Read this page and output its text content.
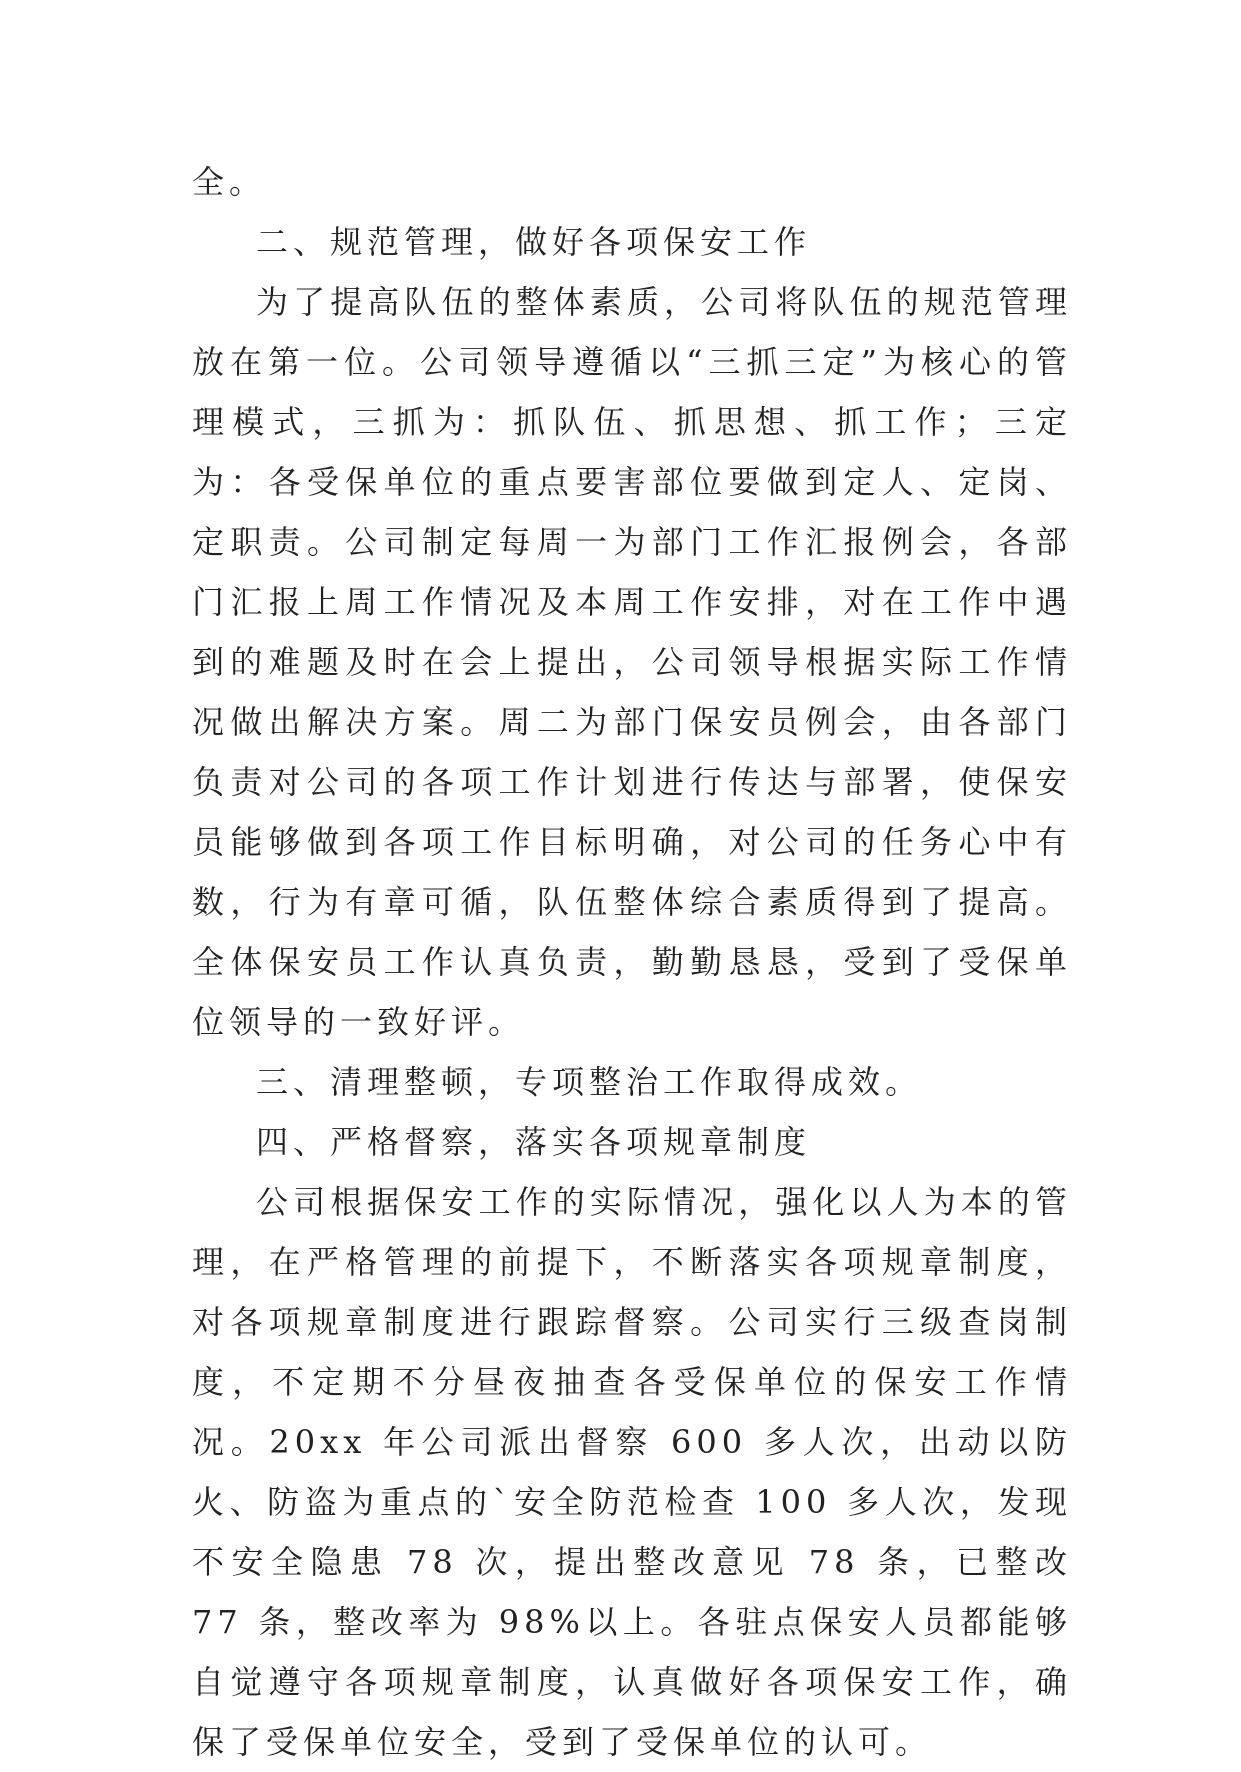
全。

二、规范管理，做好各项保安工作

为了提高队伍的整体素质，公司将队伍的规范管理放在第一位。公司领导遵循以“三抓三定”为核心的管理模式，三抓为：抓队伍、抓思想、抓工作；三定为：各受保单位的重点要害部位要做到定人、定岗、定职责。公司制定每周一为部门工作汇报例会，各部门汇报上周工作情况及本周工作安排，对在工作中遇到的难题及时在会上提出，公司领导根据实际工作情况做出解决方案。周二为部门保安员例会，由各部门负责对公司的各项工作计划进行传达与部署，使保安员能够做到各项工作目标明确，对公司的任务心中有数，行为有章可循，队伍整体综合素质得到了提高。全体保安员工作认真负责，勤勤恳恳，受到了受保单位领导的一致好评。

三、清理整顿，专项整治工作取得成效。

四、严格督察，落实各项规章制度

公司根据保安工作的实际情况，强化以人为本的管理，在严格管理的前提下，不断落实各项规章制度，对各项规章制度进行跟踪督察。公司实行三级查岗制度，不定期不分昼夜抽查各受保单位的保安工作情况。20xx 年公司派出督察 600 多人次，出动以防火、防盗为重点的`安全防范检查 100 多人次，发现不安全隐患 78 次，提出整改意见 78 条，已整改 77 条，整改率为 98%以上。各驻点保安人员都能够自觉遵守各项规章制度，认真做好各项保安工作，确保了受保单位安全，受到了受保单位的认可。
